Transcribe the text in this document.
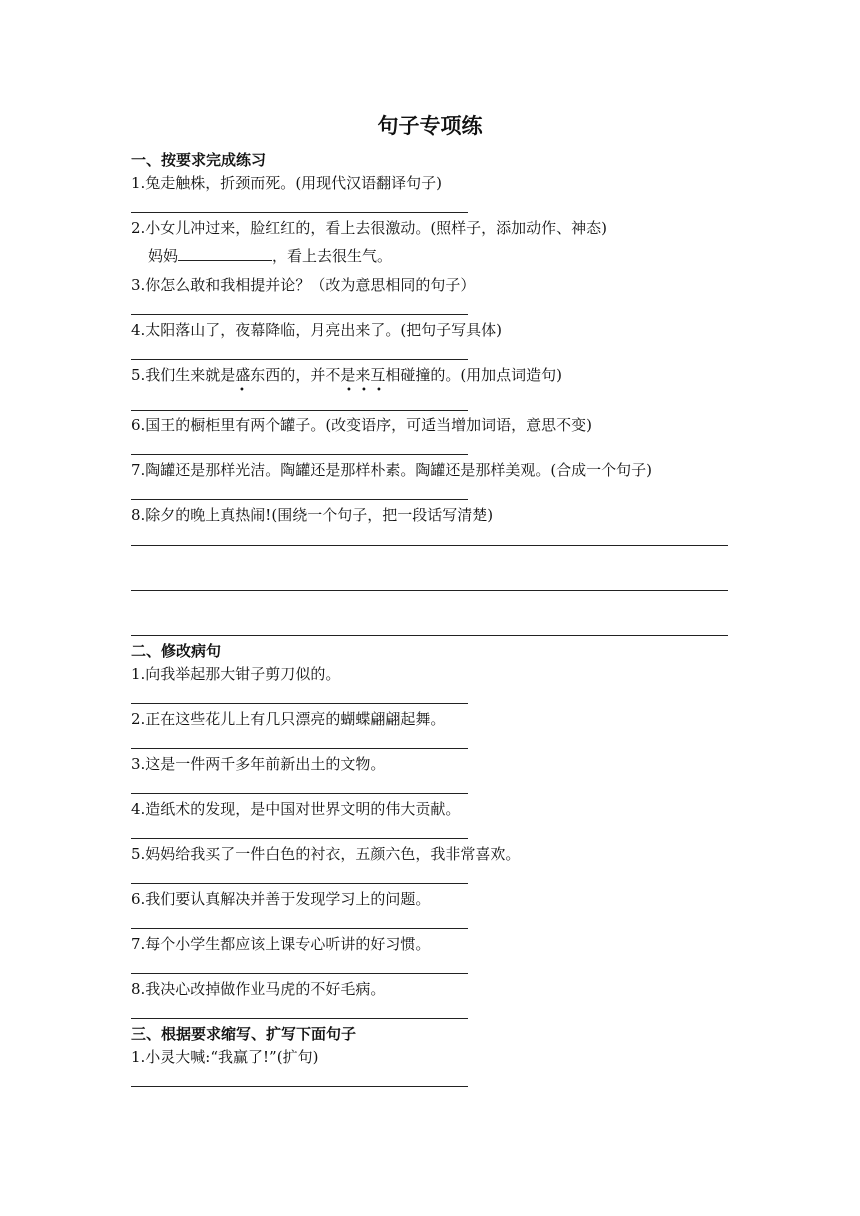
句子专项练
一、按要求完成练习
1.兔走触株，折颈而死。(用现代汉语翻译句子)
2.小女儿冲过来，脸红红的，看上去很激动。(照样子，添加动作、神态)
妈妈	，看上去很生气。
3.你怎么敢和我相提并论？（改为意思相同的句子）
4.太阳落山了，夜幕降临，月亮出来了。(把句子写具体)
5.我们生来就是盛东西的，并不是来互相碰撞的。(用加点词造句)
•	• • •
6.国王的橱柜里有两个罐子。(改变语序，可适当增加词语，意思不变)
7.陶罐还是那样光洁。陶罐还是那样朴素。陶罐还是那样美观。(合成一个句子)
8.除夕的晚上真热闹!(围绕一个句子，把一段话写清楚)
二、修改病句
1.向我举起那大钳子剪刀似的。
2.正在这些花儿上有几只漂亮的蝴蝶翩翩起舞。
3.这是一件两千多年前新出土的文物。
4.造纸术的发现，是中国对世界文明的伟大贡献。
5.妈妈给我买了一件白色的衬衣，五颜六色，我非常喜欢。
6.我们要认真解决并善于发现学习上的问题。
7.每个小学生都应该上课专心听讲的好习惯。
8.我决心改掉做作业马虎的不好毛病。
三、根据要求缩写、扩写下面句子
1.小灵大喊:“我赢了!”(扩句)
